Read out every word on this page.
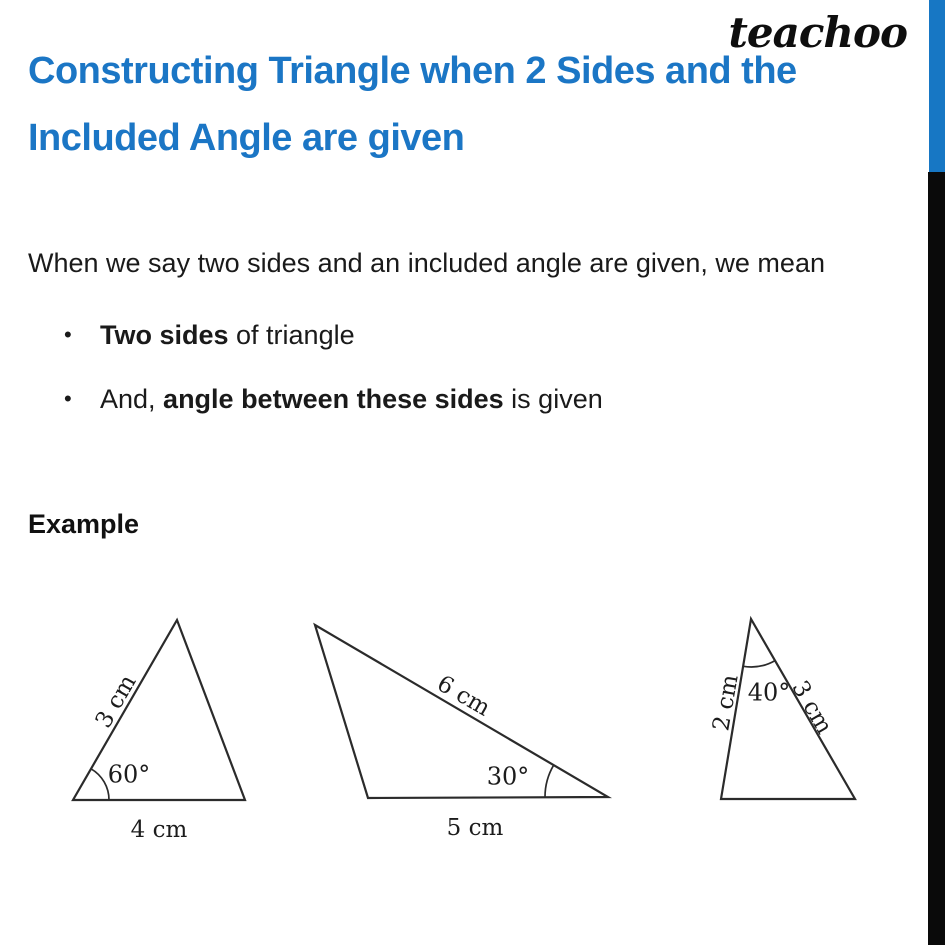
teachoo
Constructing Triangle when 2 Sides and the
Included Angle are given
When we say two sides and an included angle are given, we mean
• Two sides of triangle
• And, angle between these sides is given
Example
3 cm
60°
4 cm
6 cm
30°
5 cm
2 cm 40°
3 cm
